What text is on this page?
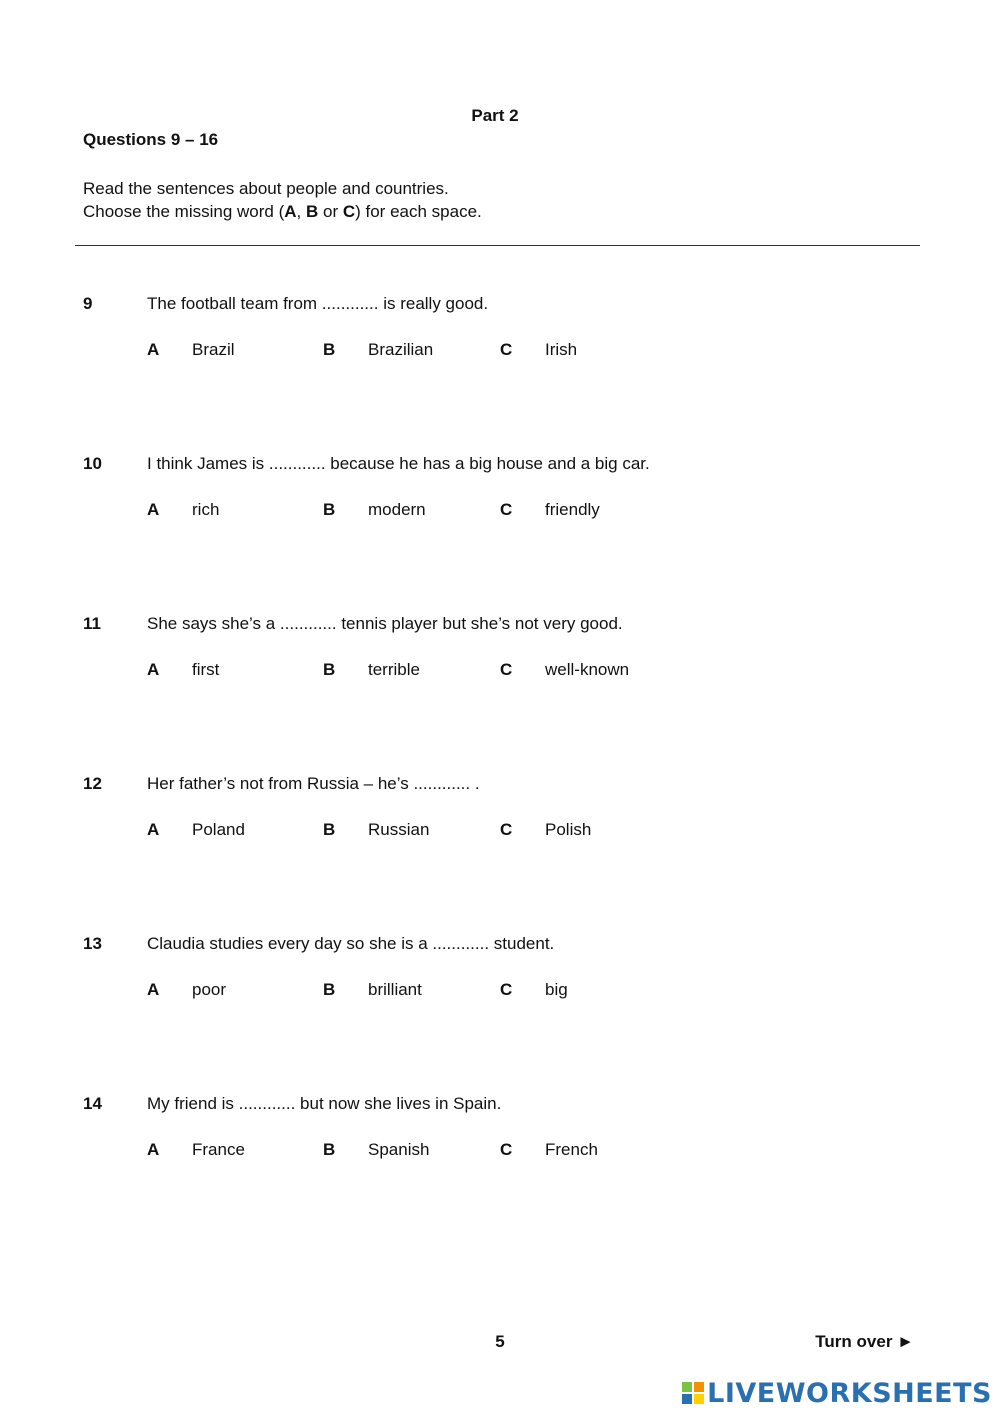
Part 2
Questions 9 – 16
Read the sentences about people and countries.
Choose the missing word (A, B or C) for each space.
9	The football team from ............ is really good.
A Brazil	B Brazilian	C Irish
10	I think James is ............ because he has a big house and a big car.
A rich	B modern	C friendly
11	She says she’s a ............ tennis player but she’s not very good.
A first	B terrible	C well-known
12	Her father’s not from Russia – he’s ............ .
A Poland	B Russian	C Polish
13	Claudia studies every day so she is a ............ student.
A poor	B brilliant	C big
14	My friend is ............ but now she lives in Spain.
A France	B Spanish	C French
5	Turn over ►
LIVEWORKSHEETS
